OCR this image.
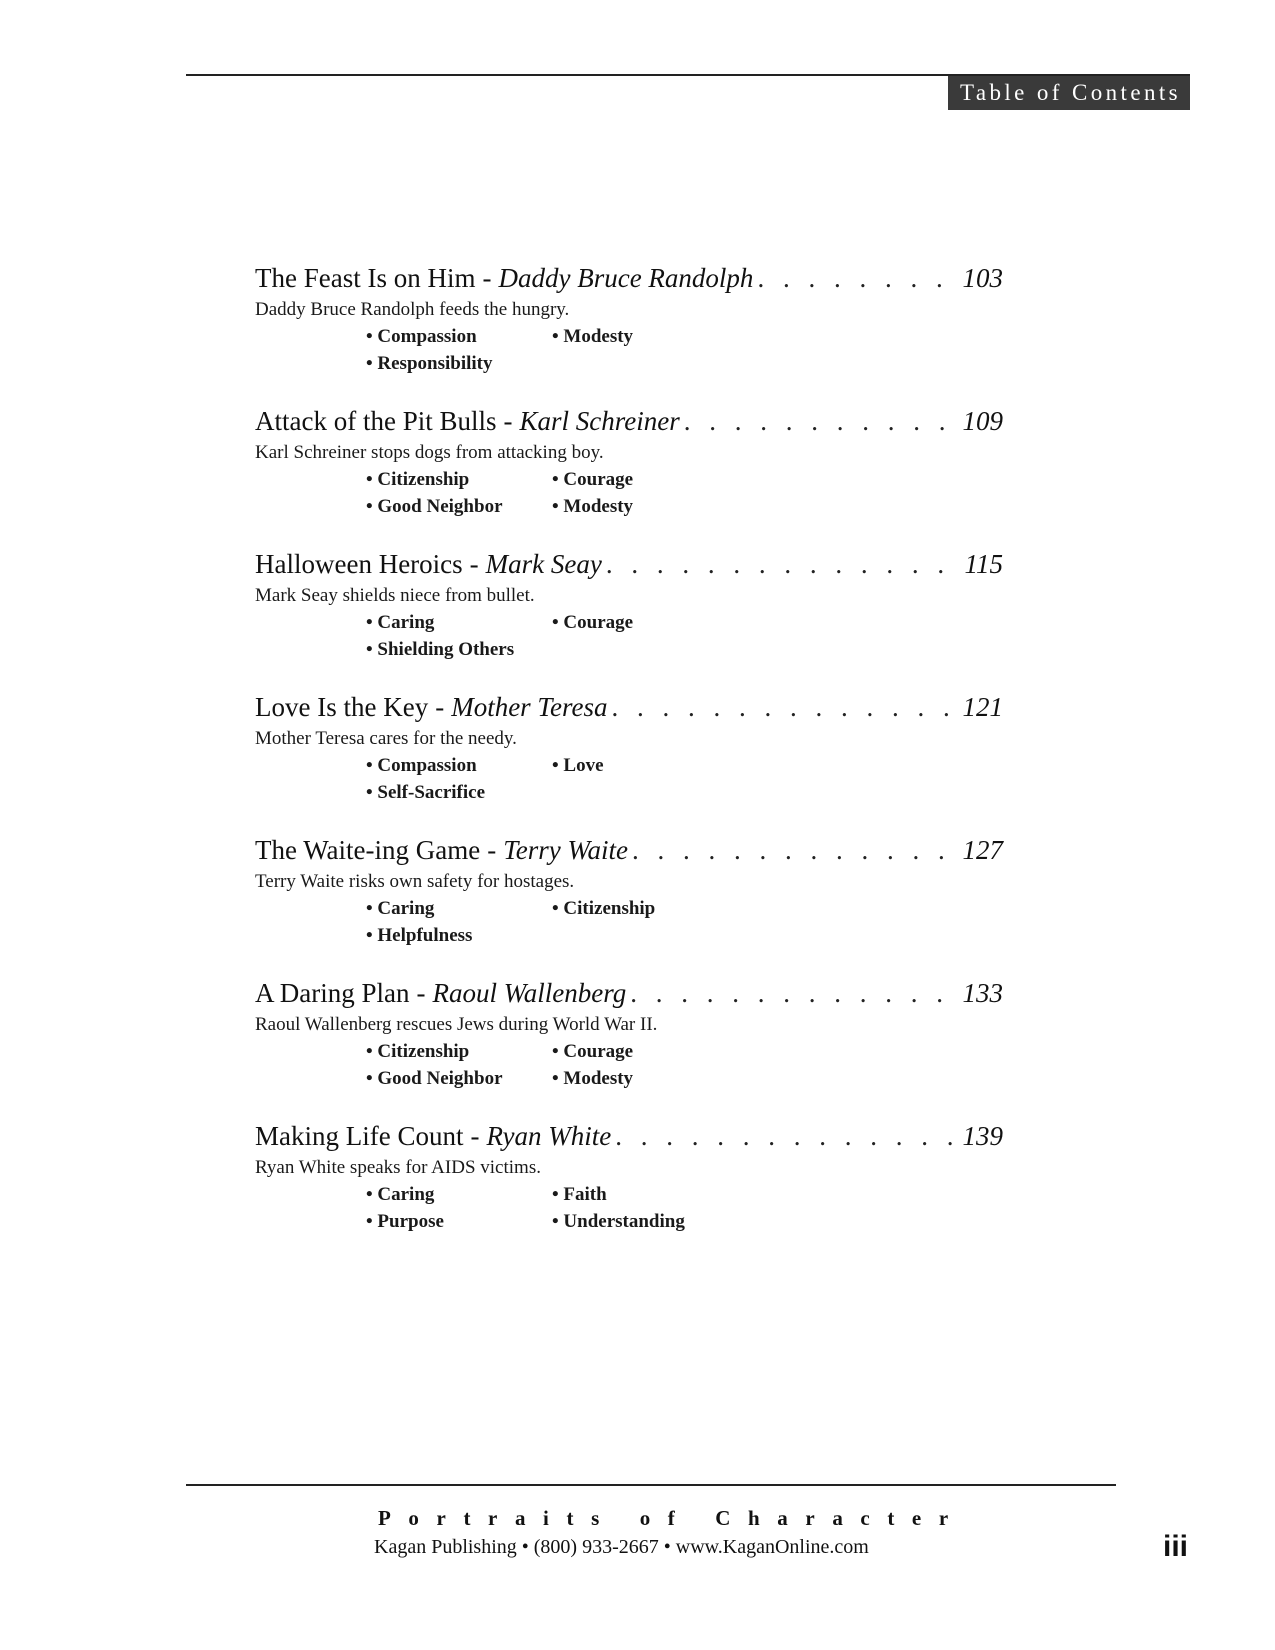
Table of Contents
The Feast Is on Him - Daddy Bruce Randolph . . .	103
Daddy Bruce Randolph feeds the hungry.
• Compassion	• Modesty
• Responsibility
Attack of the Pit Bulls - Karl Schreiner . . .	109
Karl Schreiner stops dogs from attacking boy.
• Citizenship	• Courage
• Good Neighbor	• Modesty
Halloween Heroics - Mark Seay . . .	115
Mark Seay shields niece from bullet.
• Caring	• Courage
• Shielding Others
Love Is the Key - Mother Teresa . . .	121
Mother Teresa cares for the needy.
• Compassion	• Love
• Self-Sacrifice
The Waite-ing Game - Terry Waite . . .	127
Terry Waite risks own safety for hostages.
• Caring	• Citizenship
• Helpfulness
A Daring Plan - Raoul Wallenberg . . .	133
Raoul Wallenberg rescues Jews during World War II.
• Citizenship	• Courage
• Good Neighbor	• Modesty
Making Life Count - Ryan White . . .	139
Ryan White speaks for AIDS victims.
• Caring	• Faith
• Purpose	• Understanding
Portraits of Character
Kagan Publishing • (800) 933-2667 • www.KaganOnline.com	iii
